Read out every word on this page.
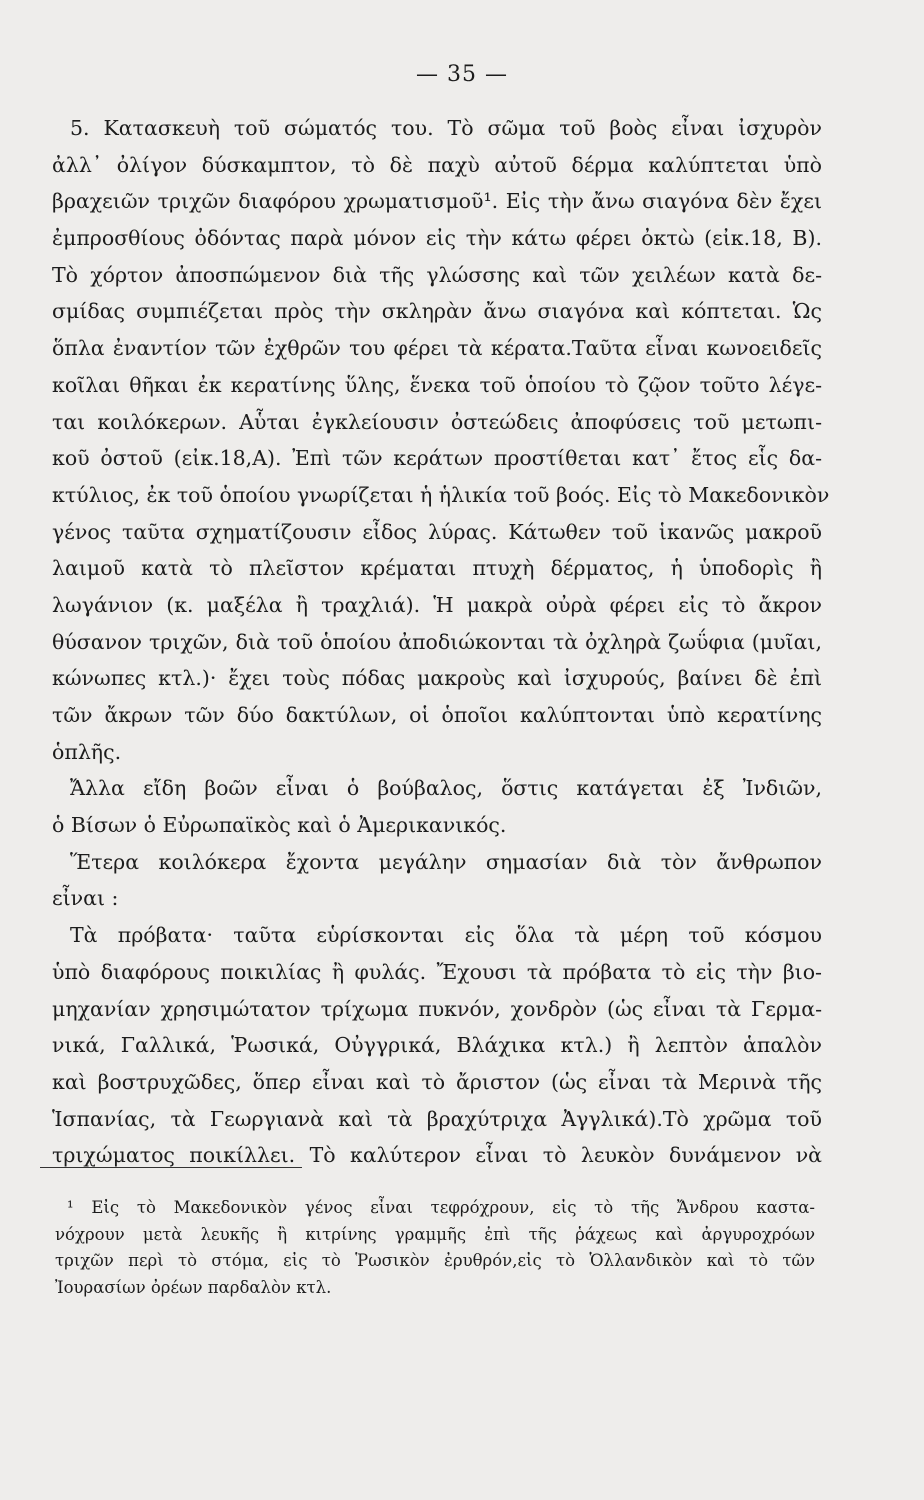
— 35 —
5. Κατασκευὴ τοῦ σώματός του. Τὸ σῶμα τοῦ βοὸς εἶναι ἰσχυρὸν
ἀλλ᾽ ὀλίγον δύσκαμπτον, τὸ δὲ παχὺ αὐτοῦ δέρμα καλύπτεται ὑπὸ
βραχειῶν τριχῶν διαφόρου χρωματισμοῦ¹. Εἰς τὴν ἄνω σιαγόνα δὲν ἔχει
ἐμπροσθίους ὀδόντας παρὰ μόνον εἰς τὴν κάτω φέρει ὀκτὼ (εἰκ.18, Β).
Τὸ χόρτον ἀποσπώμενον διὰ τῆς γλώσσης καὶ τῶν χειλέων κατὰ δε-
σμίδας συμπιέζεται πρὸς τὴν σκληρὰν ἄνω σιαγόνα καὶ κόπτεται. Ὡς
ὅπλα ἐναντίον τῶν ἐχθρῶν του φέρει τὰ κέρατα.Ταῦτα εἶναι κωνοειδεῖς
κοῖλαι θῆκαι ἐκ κερατίνης ὕλης, ἕνεκα τοῦ ὁποίου τὸ ζῷον τοῦτο λέγε-
ται κοιλόκερων. Αὗται ἐγκλείουσιν ὀστεώδεις ἀποφύσεις τοῦ μετωπι-
κοῦ ὀστοῦ (εἰκ.18,Α). Ἐπὶ τῶν κεράτων προστίθεται κατ᾽ ἔτος εἷς δα-
κτύλιος, ἐκ τοῦ ὁποίου γνωρίζεται ἡ ἡλικία τοῦ βοός. Εἰς τὸ Μακεδονικὸν
γένος ταῦτα σχηματίζουσιν εἶδος λύρας. Κάτωθεν τοῦ ἱκανῶς μακροῦ
λαιμοῦ κατὰ τὸ πλεῖστον κρέμαται πτυχὴ δέρματος, ἡ ὑποδορὶς ἢ
λωγάνιον (κ. μαξέλα ἢ τραχλιά). Ἡ μακρὰ οὐρὰ φέρει εἰς τὸ ἄκρον
θύσανον τριχῶν, διὰ τοῦ ὁποίου ἀποδιώκονται τὰ ὀχληρὰ ζωΰφια (μυῖαι,
κώνωπες κτλ.)· ἔχει τοὺς πόδας μακροὺς καὶ ἰσχυρούς, βαίνει δὲ ἐπὶ
τῶν ἄκρων τῶν δύο δακτύλων, οἱ ὁποῖοι καλύπτονται ὑπὸ κερατίνης
ὁπλῆς.
Ἄλλα εἴδη βοῶν εἶναι ὁ βούβαλος, ὅστις κατάγεται ἐξ Ἰνδιῶν,
ὁ Βίσων ὁ Εὐρωπαϊκὸς καὶ ὁ Ἀμερικανικός.
Ἕτερα κοιλόκερα ἔχοντα μεγάλην σημασίαν διὰ τὸν ἄνθρωπον
εἶναι :
Τὰ πρόβατα· ταῦτα εὑρίσκονται εἰς ὅλα τὰ μέρη τοῦ κόσμου
ὑπὸ διαφόρους ποικιλίας ἢ φυλάς. Ἔχουσι τὰ πρόβατα τὸ εἰς τὴν βιο-
μηχανίαν χρησιμώτατον τρίχωμα πυκνόν, χονδρὸν (ὡς εἶναι τὰ Γερμα-
νικά, Γαλλικά, Ῥωσικά, Οὐγγρικά, Βλάχικα κτλ.) ἢ λεπτὸν ἁπαλὸν
καὶ βοστρυχῶδες, ὅπερ εἶναι καὶ τὸ ἄριστον (ὡς εἶναι τὰ Μερινὰ τῆς
Ἱσπανίας, τὰ Γεωργιανὰ καὶ τὰ βραχύτριχα Ἀγγλικά).Τὸ χρῶμα τοῦ
τριχώματος ποικίλλει. Τὸ καλύτερον εἶναι τὸ λευκὸν δυνάμενον νὰ
¹ Εἰς τὸ Μακεδονικὸν γένος εἶναι τεφρόχρουν, εἰς τὸ τῆς Ἄνδρου καστα-
νόχρουν μετὰ λευκῆς ἢ κιτρίνης γραμμῆς ἐπὶ τῆς ῥάχεως καὶ ἀργυροχρόων
τριχῶν περὶ τὸ στόμα, εἰς τὸ Ῥωσικὸν ἐρυθρόν,εἰς τὸ Ὁλλανδικὸν καὶ τὸ τῶν
Ἰουρασίων ὀρέων παρδαλὸν κτλ.
